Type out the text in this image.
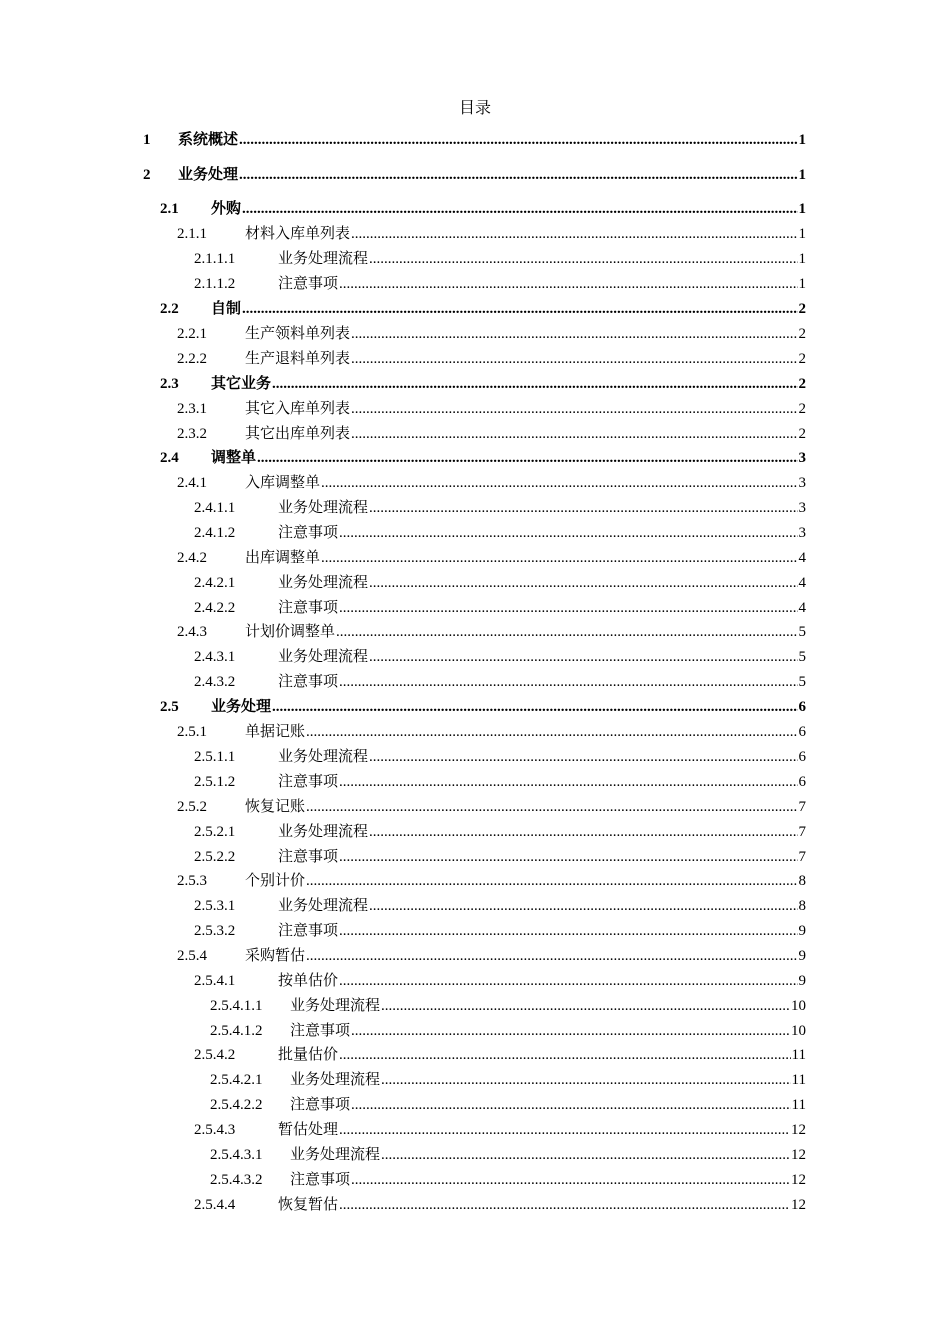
目录
1	系统概述 .....	1
2	业务处理 .....	1
2.1	外购 .....	1
2.1.1	材料入库单列表 .....	1
2.1.1.1	业务处理流程 .....	1
2.1.1.2	注意事项 .....	1
2.2	自制 .....	2
2.2.1	生产领料单列表 .....	2
2.2.2	生产退料单列表 .....	2
2.3	其它业务 .....	2
2.3.1	其它入库单列表 .....	2
2.3.2	其它出库单列表 .....	2
2.4	调整单 .....	3
2.4.1	入库调整单 .....	3
2.4.1.1	业务处理流程 .....	3
2.4.1.2	注意事项 .....	3
2.4.2	出库调整单 .....	4
2.4.2.1	业务处理流程 .....	4
2.4.2.2	注意事项 .....	4
2.4.3	计划价调整单 .....	5
2.4.3.1	业务处理流程 .....	5
2.4.3.2	注意事项 .....	5
2.5	业务处理 .....	6
2.5.1	单据记账 .....	6
2.5.1.1	业务处理流程 .....	6
2.5.1.2	注意事项 .....	6
2.5.2	恢复记账 .....	7
2.5.2.1	业务处理流程 .....	7
2.5.2.2	注意事项 .....	7
2.5.3	个别计价 .....	8
2.5.3.1	业务处理流程 .....	8
2.5.3.2	注意事项 .....	9
2.5.4	采购暂估 .....	9
2.5.4.1	按单估价 .....	9
2.5.4.1.1	业务处理流程 .....	10
2.5.4.1.2	注意事项 .....	10
2.5.4.2	批量估价 .....	11
2.5.4.2.1	业务处理流程 .....	11
2.5.4.2.2	注意事项 .....	11
2.5.4.3	暂估处理 .....	12
2.5.4.3.1	业务处理流程 .....	12
2.5.4.3.2	注意事项 .....	12
2.5.4.4	恢复暂估 .....	12
